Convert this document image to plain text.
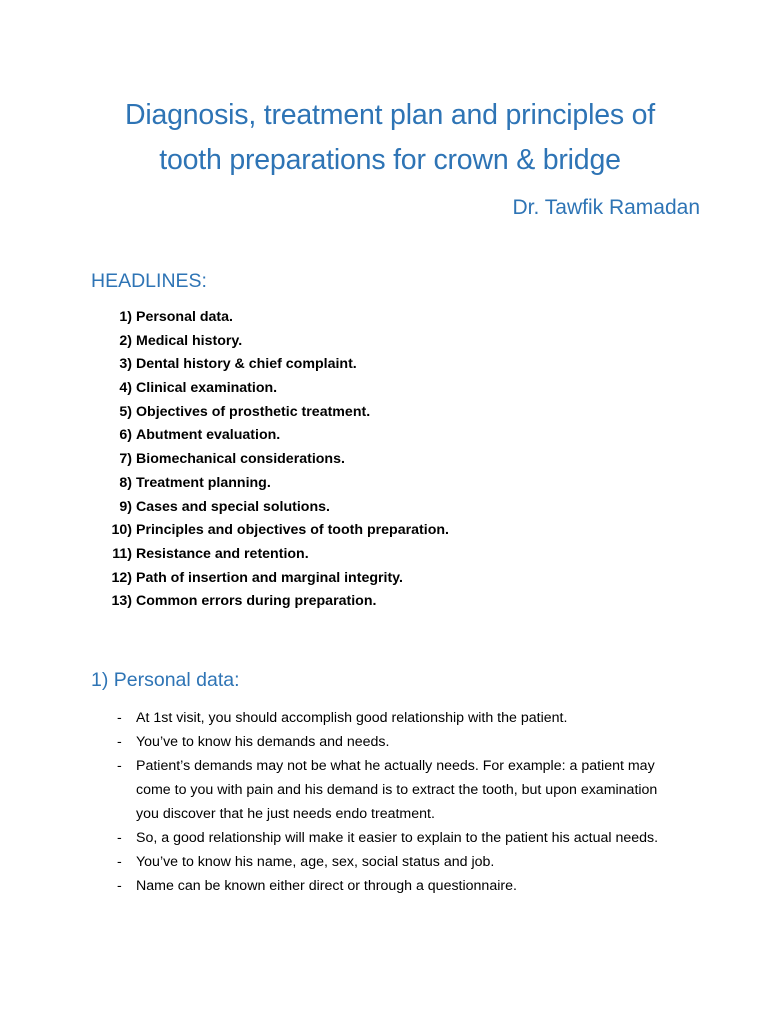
Diagnosis, treatment plan and principles of
tooth preparations for crown & bridge
Dr. Tawfik Ramadan
HEADLINES:
1) Personal data.
2) Medical history.
3) Dental history & chief complaint.
4) Clinical examination.
5) Objectives of prosthetic treatment.
6) Abutment evaluation.
7) Biomechanical considerations.
8) Treatment planning.
9) Cases and special solutions.
10) Principles and objectives of tooth preparation.
11) Resistance and retention.
12) Path of insertion and marginal integrity.
13) Common errors during preparation.
1) Personal data:
- At 1st visit, you should accomplish good relationship with the patient.
- You’ve to know his demands and needs.
- Patient’s demands may not be what he actually needs. For example: a patient may come to you with pain and his demand is to extract the tooth, but upon examination you discover that he just needs endo treatment.
- So, a good relationship will make it easier to explain to the patient his actual needs.
- You’ve to know his name, age, sex, social status and job.
- Name can be known either direct or through a questionnaire.
